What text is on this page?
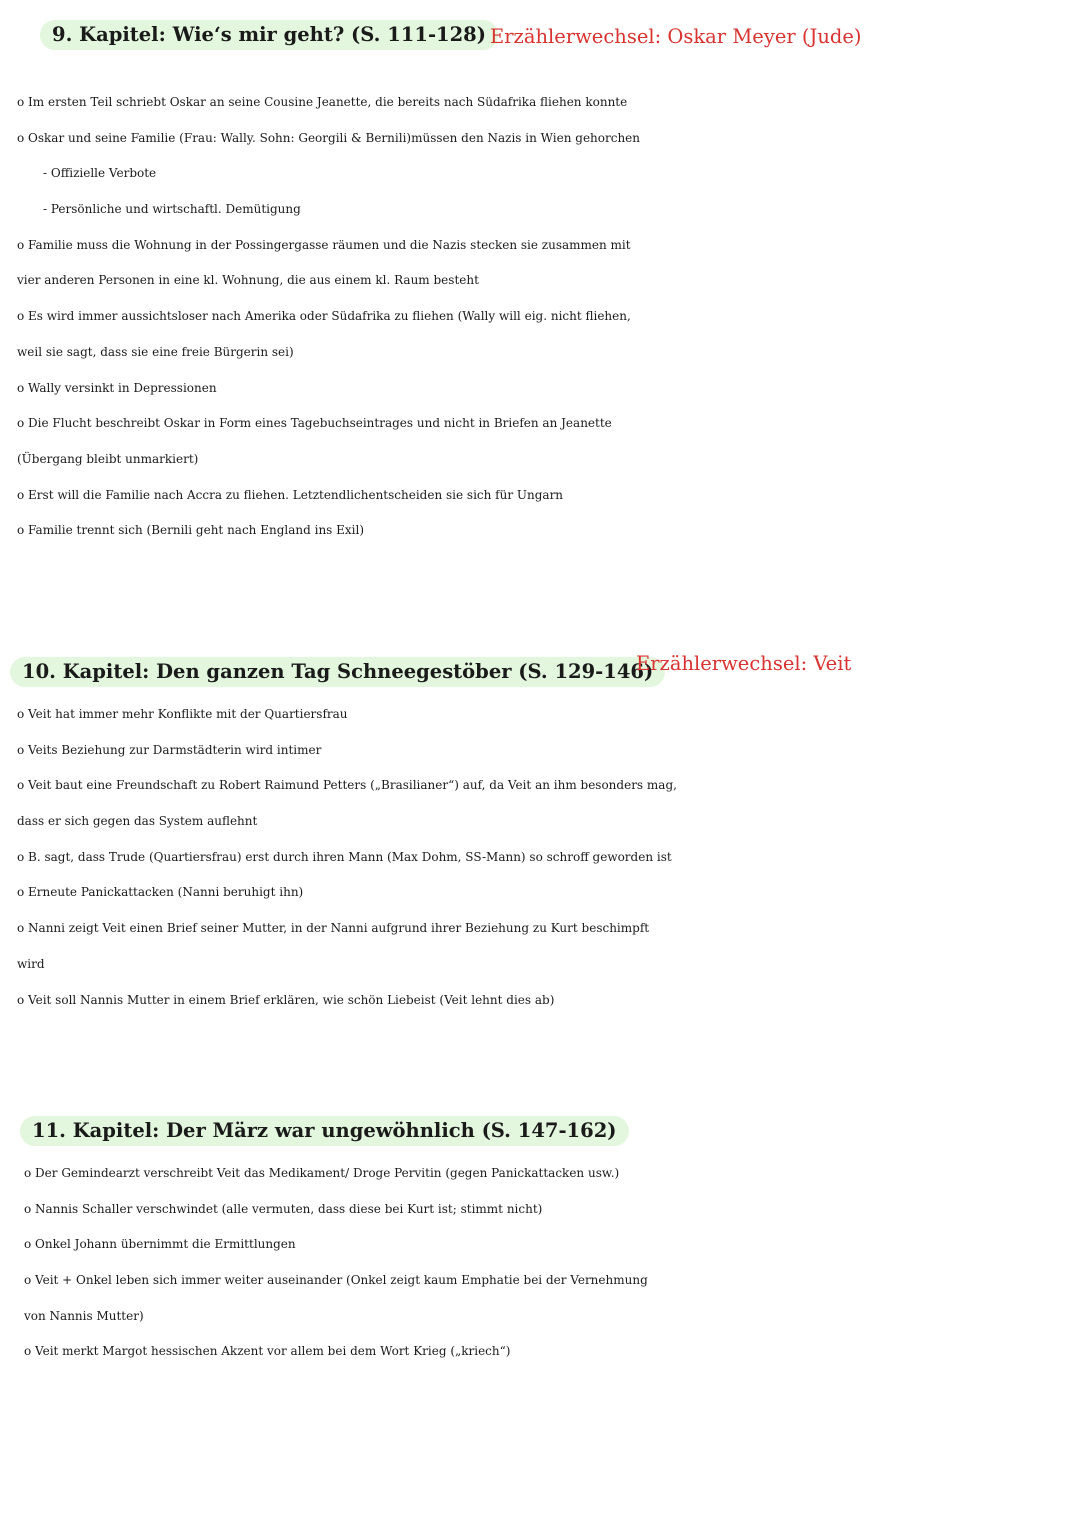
9. Kapitel: Wie‘s mir geht? (S. 111-128) Erzählerwechsel: Oskar Meyer (Jude)
o Im ersten Teil schriebt Oskar an seine Cousine Jeanette, die bereits nach Südafrika fliehen konnte
o Oskar und seine Familie (Frau: Wally. Sohn: Georgili & Bernili)müssen den Nazis in Wien gehorchen
- Offizielle Verbote
- Persönliche und wirtschaftl. Demütigung
o Familie muss die Wohnung in der Possingergasse räumen und die Nazis stecken sie zusammen mit
vier anderen Personen in eine kl. Wohnung, die aus einem kl. Raum besteht
o Es wird immer aussichtsloser nach Amerika oder Südafrika zu fliehen (Wally will eig. nicht fliehen,
weil sie sagt, dass sie eine freie Bürgerin sei)
o Wally versinkt in Depressionen
o Die Flucht beschreibt Oskar in Form eines Tagebuchseintrages und nicht in Briefen an Jeanette
(Übergang bleibt unmarkiert)
o Erst will die Familie nach Accra zu fliehen. Letztendlichentscheiden sie sich für Ungarn
o Familie trennt sich (Bernili geht nach England ins Exil)
10. Kapitel: Den ganzen Tag Schneegestöber (S. 129-146)
Erzählerwechsel: Veit
o Veit hat immer mehr Konflikte mit der Quartiersfrau
o Veits Beziehung zur Darmstädterin wird intimer
o Veit baut eine Freundschaft zu Robert Raimund Petters („Brasilianer“) auf, da Veit an ihm besonders mag,
dass er sich gegen das System auflehnt
o B. sagt, dass Trude (Quartiersfrau) erst durch ihren Mann (Max Dohm, SS-Mann) so schroff geworden ist
o Erneute Panickattacken (Nanni beruhigt ihn)
o Nanni zeigt Veit einen Brief seiner Mutter, in der Nanni aufgrund ihrer Beziehung zu Kurt beschimpft
wird
o Veit soll Nannis Mutter in einem Brief erklären, wie schön Liebeist (Veit lehnt dies ab)
11. Kapitel: Der März war ungewöhnlich (S. 147-162)
o Der Gemindearzt verschreibt Veit das Medikament/ Droge Pervitin (gegen Panickattacken usw.)
o Nannis Schaller verschwindet (alle vermuten, dass diese bei Kurt ist; stimmt nicht)
o Onkel Johann übernimmt die Ermittlungen
o Veit + Onkel leben sich immer weiter auseinander (Onkel zeigt kaum Emphatie bei der Vernehmung
von Nannis Mutter)
o Veit merkt Margot hessischen Akzent vor allem bei dem Wort Krieg („kriech“)
